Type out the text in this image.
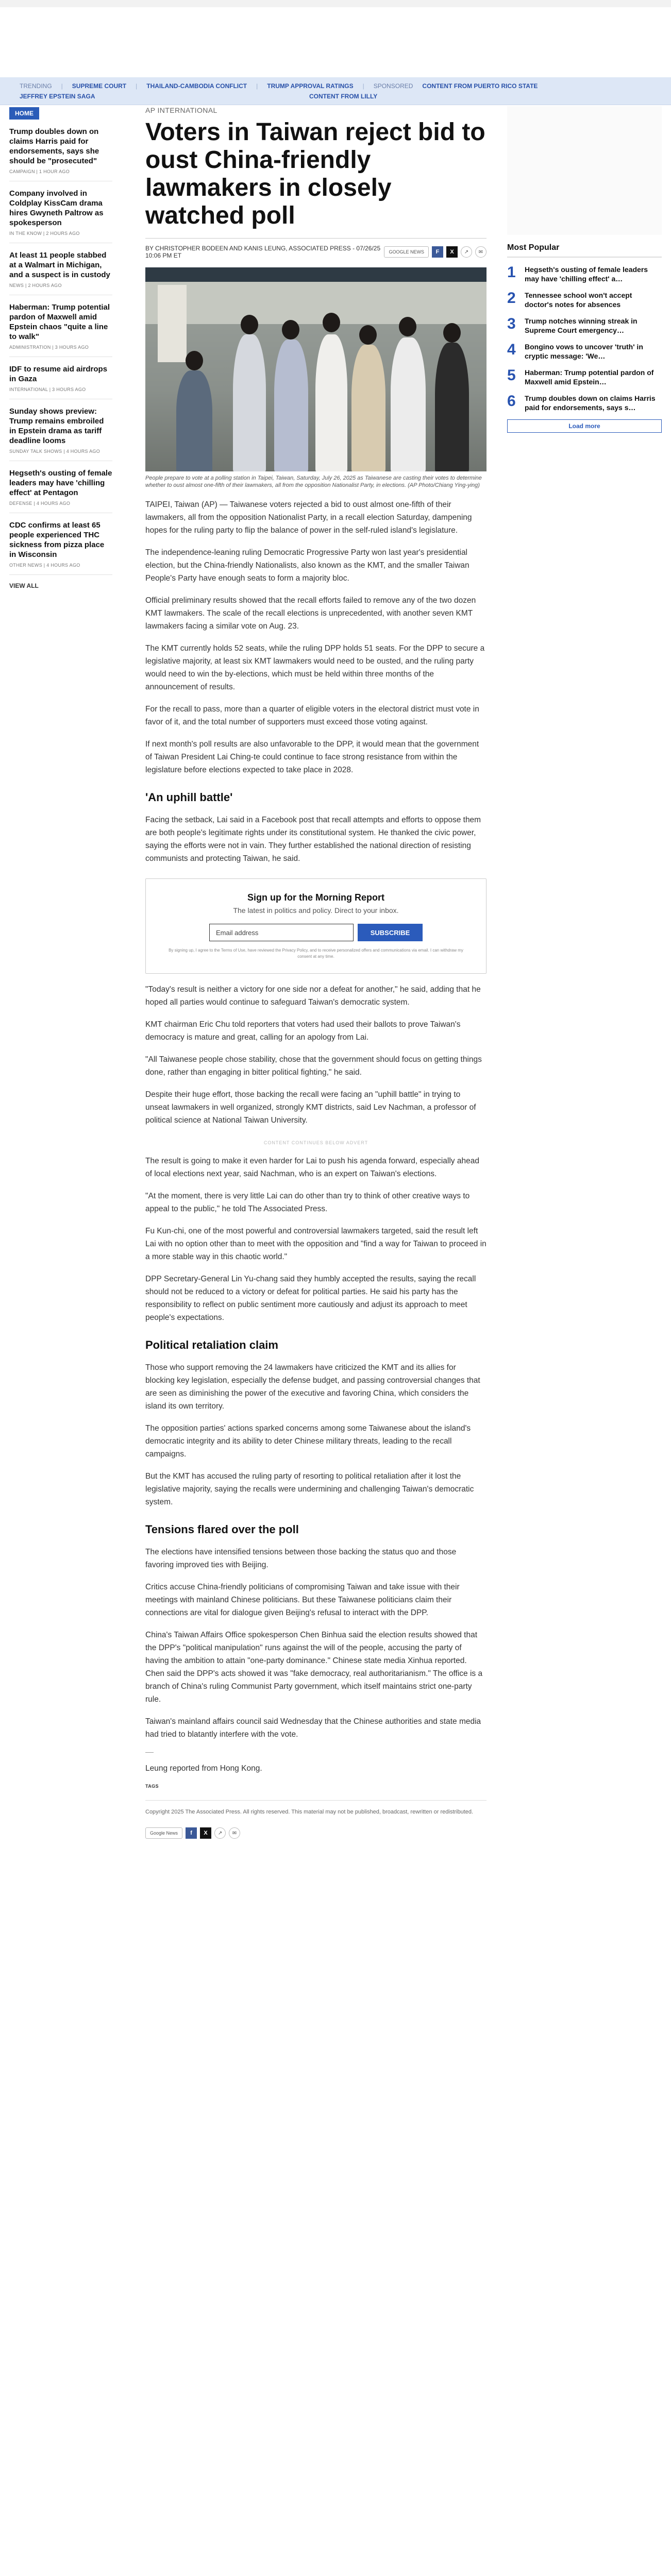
TRENDING | SUPREME COURT | THAILAND-CAMBODIA CONFLICT | TRUMP APPROVAL RATINGS | SPONSORED CONTENT FROM PUERTO RICO STATE
JEFFREY EPSTEIN SAGA	CONTENT FROM LILLY
HOME
Trump doubles down on claims Harris paid for endorsements, says she should be "prosecuted"
CAMPAIGN | 1 HOUR AGO
Company involved in Coldplay KissCam drama hires Gwyneth Paltrow as spokesperson
IN THE KNOW | 2 HOURS AGO
At least 11 people stabbed at a Walmart in Michigan, and a suspect is in custody
NEWS | 2 HOURS AGO
Haberman: Trump potential pardon of Maxwell amid Epstein chaos "quite a line to walk"
ADMINISTRATION | 3 HOURS AGO
IDF to resume aid airdrops in Gaza
INTERNATIONAL | 3 HOURS AGO
Sunday shows preview: Trump remains embroiled in Epstein drama as tariff deadline looms
SUNDAY TALK SHOWS | 4 HOURS AGO
Hegseth's ousting of female leaders may have 'chilling effect' at Pentagon
DEFENSE | 4 HOURS AGO
CDC confirms at least 65 people experienced THC sickness from pizza place in Wisconsin
OTHER NEWS | 4 HOURS AGO
VIEW ALL
AP INTERNATIONAL
Voters in Taiwan reject bid to oust China-friendly lawmakers in closely watched poll
BY CHRISTOPHER BODEEN AND KANIS LEUNG, ASSOCIATED PRESS - 07/26/25 10:06 PM ET	GOOGLE NEWS	F	X	↗	✉
People prepare to vote at a polling station in Taipei, Taiwan, Saturday, July 26, 2025 as Taiwanese are casting their votes to determine whether to oust almost one-fifth of their lawmakers, all from the opposition Nationalist Party, in elections. (AP Photo/Chiang Ying-ying)

TAIPEI, Taiwan (AP) — Taiwanese voters rejected a bid to oust almost one-fifth of their lawmakers, all from the opposition Nationalist Party, in a recall election Saturday, dampening hopes for the ruling party to flip the balance of power in the self-ruled island's legislature.

The independence-leaning ruling Democratic Progressive Party won last year's presidential election, but the China-friendly Nationalists, also known as the KMT, and the smaller Taiwan People's Party have enough seats to form a majority bloc.

Official preliminary results showed that the recall efforts failed to remove any of the two dozen KMT lawmakers. The scale of the recall elections is unprecedented, with another seven KMT lawmakers facing a similar vote on Aug. 23.

The KMT currently holds 52 seats, while the ruling DPP holds 51 seats. For the DPP to secure a legislative majority, at least six KMT lawmakers would need to be ousted, and the ruling party would need to win the by-elections, which must be held within three months of the announcement of results.

For the recall to pass, more than a quarter of eligible voters in the electoral district must vote in favor of it, and the total number of supporters must exceed those voting against.

If next month's poll results are also unfavorable to the DPP, it would mean that the government of Taiwan President Lai Ching-te could continue to face strong resistance from within the legislature before elections expected to take place in 2028.

'An uphill battle'

Facing the setback, Lai said in a Facebook post that recall attempts and efforts to oppose them are both people's legitimate rights under its constitutional system. He thanked the civic power, saying the efforts were not in vain. They further established the national direction of resisting communists and protecting Taiwan, he said.

Sign up for the Morning Report
The latest in politics and policy. Direct to your inbox.
Email address	SUBSCRIBE
By signing up, I agree to the Terms of Use, have reviewed the Privacy Policy, and to receive personalized offers and communications via email. I can withdraw my consent at any time.

"Today's result is neither a victory for one side nor a defeat for another," he said, adding that he hoped all parties would continue to safeguard Taiwan's democratic system.

KMT chairman Eric Chu told reporters that voters had used their ballots to prove Taiwan's democracy is mature and great, calling for an apology from Lai.

"All Taiwanese people chose stability, chose that the government should focus on getting things done, rather than engaging in bitter political fighting," he said.

Despite their huge effort, those backing the recall were facing an "uphill battle" in trying to unseat lawmakers in well organized, strongly KMT districts, said Lev Nachman, a professor of political science at National Taiwan University.

CONTENT CONTINUES BELOW ADVERT

The result is going to make it even harder for Lai to push his agenda forward, especially ahead of local elections next year, said Nachman, who is an expert on Taiwan's elections.

"At the moment, there is very little Lai can do other than try to think of other creative ways to appeal to the public," he told The Associated Press.

Fu Kun-chi, one of the most powerful and controversial lawmakers targeted, said the result left Lai with no option other than to meet with the opposition and "find a way for Taiwan to proceed in a more stable way in this chaotic world."

DPP Secretary-General Lin Yu-chang said they humbly accepted the results, saying the recall should not be reduced to a victory or defeat for political parties. He said his party has the responsibility to reflect on public sentiment more cautiously and adjust its approach to meet people's expectations.

Political retaliation claim

Those who support removing the 24 lawmakers have criticized the KMT and its allies for blocking key legislation, especially the defense budget, and passing controversial changes that are seen as diminishing the power of the executive and favoring China, which considers the island its own territory.

The opposition parties' actions sparked concerns among some Taiwanese about the island's democratic integrity and its ability to deter Chinese military threats, leading to the recall campaigns.

But the KMT has accused the ruling party of resorting to political retaliation after it lost the legislative majority, saying the recalls were undermining and challenging Taiwan's democratic system.

Tensions flared over the poll

The elections have intensified tensions between those backing the status quo and those favoring improved ties with Beijing.

Critics accuse China-friendly politicians of compromising Taiwan and take issue with their meetings with mainland Chinese politicians. But these Taiwanese politicians claim their connections are vital for dialogue given Beijing's refusal to interact with the DPP.

China's Taiwan Affairs Office spokesperson Chen Binhua said the election results showed that the DPP's "political manipulation" runs against the will of the people, accusing the party of having the ambition to attain "one-party dominance." Chinese state media Xinhua reported. Chen said the DPP's acts showed it was "fake democracy, real authoritarianism." The office is a branch of China's ruling Communist Party government, which itself maintains strict one-party rule.

Taiwan's mainland affairs council said Wednesday that the Chinese authorities and state media had tried to blatantly interfere with the vote.

Leung reported from Hong Kong.
TAGS
Copyright 2025 The Associated Press. All rights reserved. This material may not be published, broadcast, rewritten or redistributed.
Google News	f	X	↗	✉
Most Popular
1	Hegseth's ousting of female leaders may have 'chilling effect' a…
2	Tennessee school won't accept doctor's notes for absences
3	Trump notches winning streak in Supreme Court emergency…
4	Bongino vows to uncover 'truth' in cryptic message: 'We…
5	Haberman: Trump potential pardon of Maxwell amid Epstein…
6	Trump doubles down on claims Harris paid for endorsements, says s…
Load more
